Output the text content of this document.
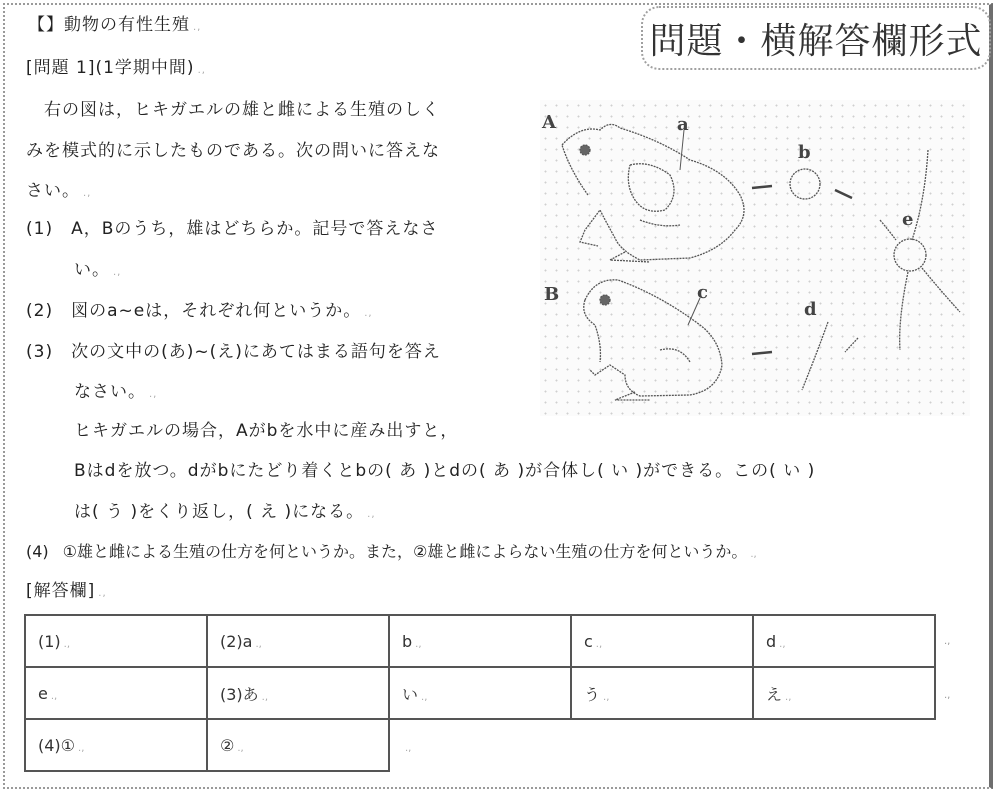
問題・横解答欄形式
【】動物の有性生殖 .,
[問題 1](1学期中間) .,
右の図は，ヒキガエルの雄と雌による生殖のしく
みを模式的に示したものである。次の問いに答えな
さい。 .,
(1) A，Bのうち，雄はどちらか。記号で答えなさ
い。 .,
(2) 図のa~eは，それぞれ何というか。 .,
(3) 次の文中の(あ)~(え)にあてはまる語句を答え
なさい。 .,
ヒキガエルの場合，Aがbを水中に産み出すと，
Bはdを放つ。dがbにたどり着くとbの( あ )とdの( あ )が合体し( い )ができる。この( い )
は( う )をくり返し，( え )になる。 .,
(4) ①雄と雌による生殖の仕方を何というか。また，②雄と雌によらない生殖の仕方を何というか。 .,
[解答欄] .,
A	a
b
e
B	c
d
(1) .,	(2)a .,	b .,	c .,	d .,
e .,	(3)あ .,	い .,	う .,	え .,
(4)① .,	② .,	.,		
.,
.,
